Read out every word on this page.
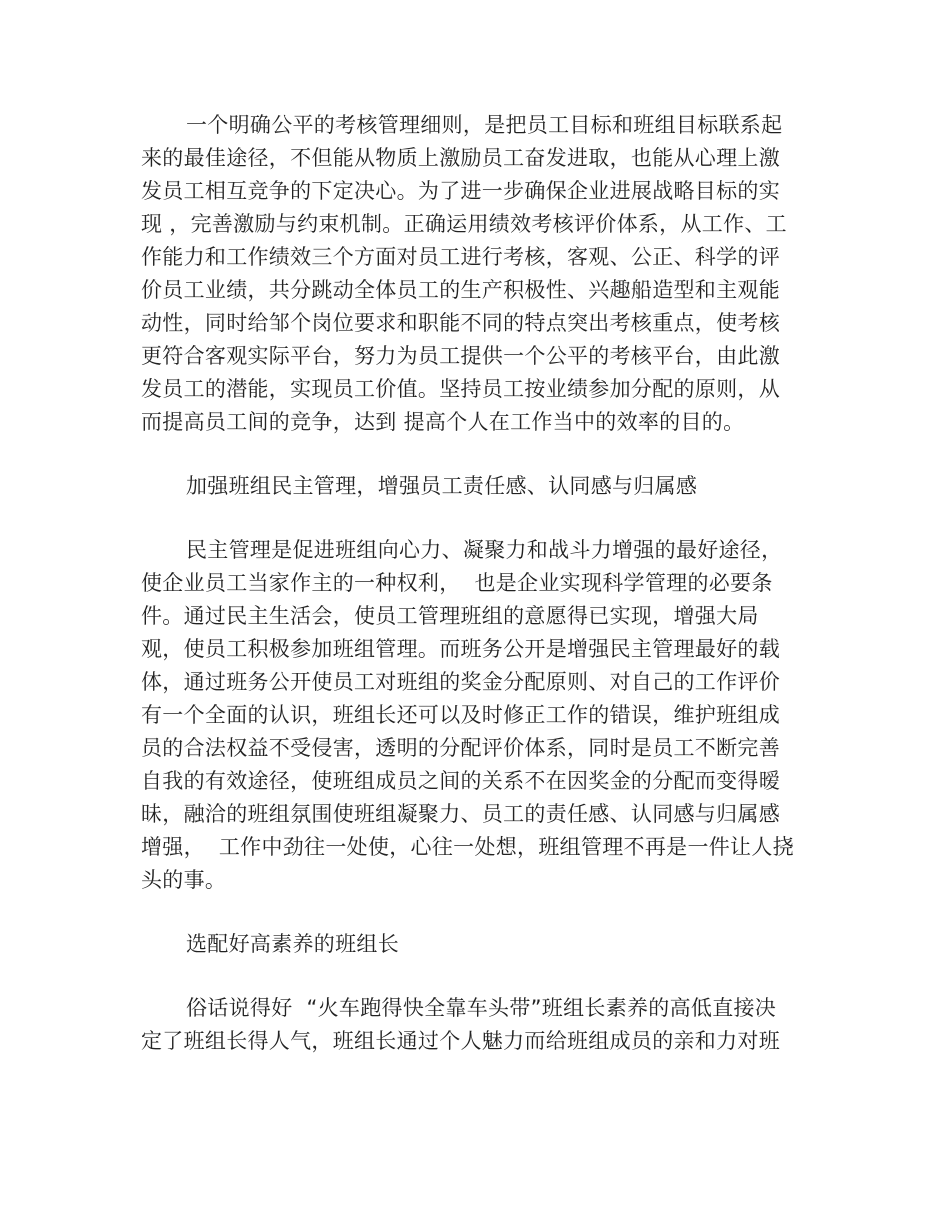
一个明确公平的考核管理细则，是把员工目标和班组目标联系起
来的最佳途径，不但能从物质上激励员工奋发进取，也能从心理上激
发员工相互竞争的下定决心。为了进一步确保企业进展战略目标的实
现 ，完善激励与约束机制。正确运用绩效考核评价体系，从工作、工
作能力和工作绩效三个方面对员工进行考核，客观、公正、科学的评
价员工业绩，共分跳动全体员工的生产积极性、兴趣船造型和主观能
动性，同时给邹个岗位要求和职能不同的特点突出考核重点，使考核
更符合客观实际平台，努力为员工提供一个公平的考核平台，由此激
发员工的潜能，实现员工价值。坚持员工按业绩参加分配的原则，从
而提高员工间的竞争，达到 提高个人在工作当中的效率的目的。
加强班组民主管理，增强员工责任感、认同感与归属感
民主管理是促进班组向心力、凝聚力和战斗力增强的最好途径，
使企业员工当家作主的一种权利，  也是企业实现科学管理的必要条
件。通过民主生活会，使员工管理班组的意愿得已实现，增强大局
观，使员工积极参加班组管理。而班务公开是增强民主管理最好的载
体，通过班务公开使员工对班组的奖金分配原则、对自己的工作评价
有一个全面的认识，班组长还可以及时修正工作的错误，维护班组成
员的合法权益不受侵害，透明的分配评价体系，同时是员工不断完善
自我的有效途径，使班组成员之间的关系不在因奖金的分配而变得暧
昧，融洽的班组氛围使班组凝聚力、员工的责任感、认同感与归属感
增强，  工作中劲往一处使，心往一处想，班组管理不再是一件让人挠
头的事。
选配好高素养的班组长
俗话说得好  “火车跑得快全靠车头带”班组长素养的高低直接决
定了班组长得人气，班组长通过个人魅力而给班组成员的亲和力对班
